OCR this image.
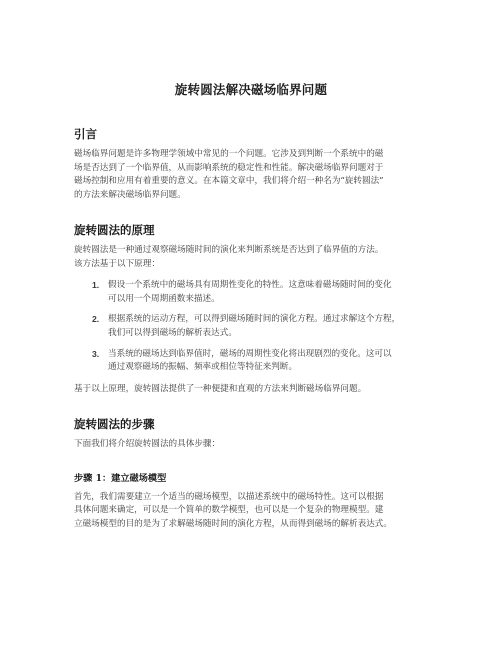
旋转圆法解决磁场临界问题
引言
磁场临界问题是许多物理学领域中常见的一个问题。它涉及到判断一个系统中的磁
场是否达到了一个临界值，从而影响系统的稳定性和性能。解决磁场临界问题对于
磁场控制和应用有着重要的意义。在本篇文章中，我们将介绍一种名为“旋转圆法”
的方法来解决磁场临界问题。
旋转圆法的原理
旋转圆法是一种通过观察磁场随时间的演化来判断系统是否达到了临界值的方法。
该方法基于以下原理：
1. 假设一个系统中的磁场具有周期性变化的特性。这意味着磁场随时间的变化
可以用一个周期函数来描述。
2. 根据系统的运动方程，可以得到磁场随时间的演化方程。通过求解这个方程，
我们可以得到磁场的解析表达式。
3. 当系统的磁场达到临界值时，磁场的周期性变化将出现剧烈的变化。这可以
通过观察磁场的振幅、频率或相位等特征来判断。
基于以上原理，旋转圆法提供了一种便捷和直观的方法来判断磁场临界问题。
旋转圆法的步骤
下面我们将介绍旋转圆法的具体步骤：
步骤 1：建立磁场模型
首先，我们需要建立一个适当的磁场模型，以描述系统中的磁场特性。这可以根据
具体问题来确定，可以是一个简单的数学模型，也可以是一个复杂的物理模型。建
立磁场模型的目的是为了求解磁场随时间的演化方程，从而得到磁场的解析表达式。
